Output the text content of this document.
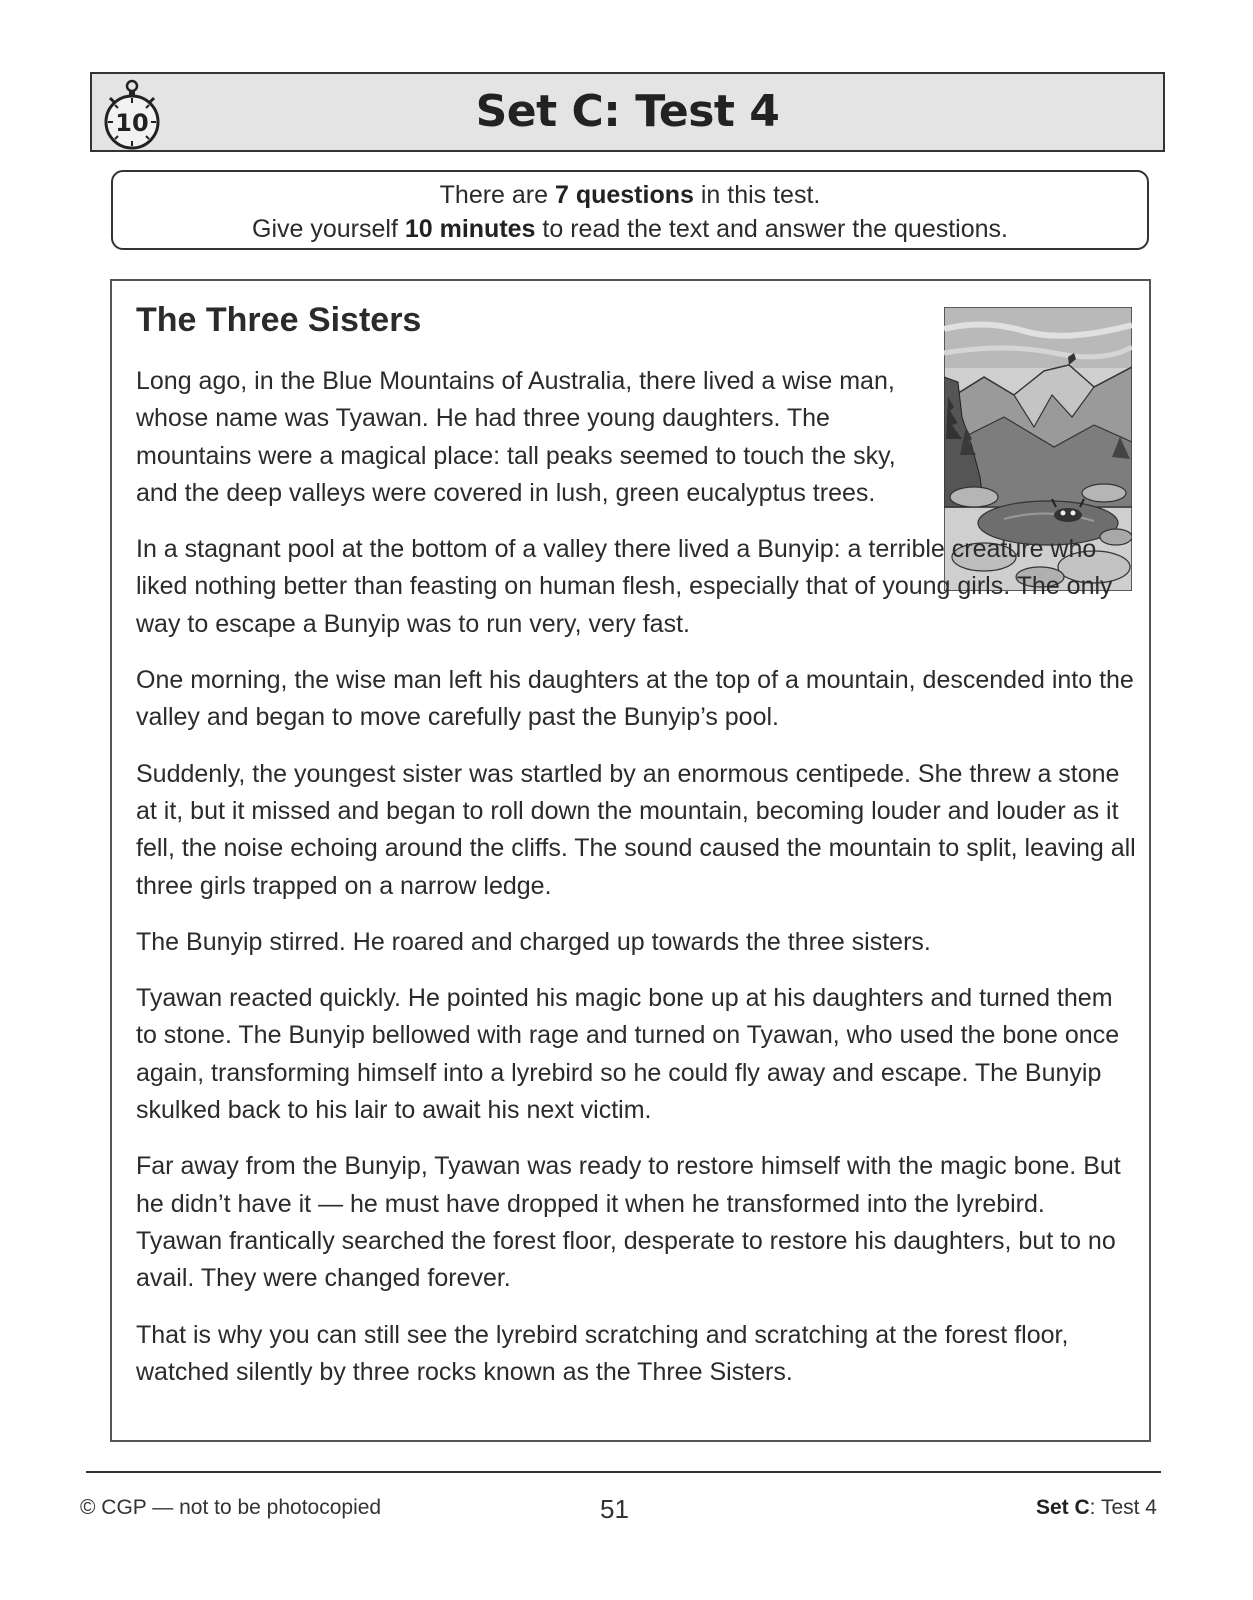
10	Set C: Test 4
There are 7 questions in this test.
Give yourself 10 minutes to read the text and answer the questions.
The Three Sisters

Long ago, in the Blue Mountains of Australia, there lived a wise man, whose name was Tyawan. He had three young daughters. The mountains were a magical place: tall peaks seemed to touch the sky, and the deep valleys were covered in lush, green eucalyptus trees.

In a stagnant pool at the bottom of a valley there lived a Bunyip: a terrible creature who liked nothing better than feasting on human flesh, especially that of young girls. The only way to escape a Bunyip was to run very, very fast.

One morning, the wise man left his daughters at the top of a mountain, descended into the valley and began to move carefully past the Bunyip’s pool.

Suddenly, the youngest sister was startled by an enormous centipede. She threw a stone at it, but it missed and began to roll down the mountain, becoming louder and louder as it fell, the noise echoing around the cliffs. The sound caused the mountain to split, leaving all three girls trapped on a narrow ledge.

The Bunyip stirred. He roared and charged up towards the three sisters.

Tyawan reacted quickly. He pointed his magic bone up at his daughters and turned them to stone. The Bunyip bellowed with rage and turned on Tyawan, who used the bone once again, transforming himself into a lyrebird so he could fly away and escape. The Bunyip skulked back to his lair to await his next victim.

Far away from the Bunyip, Tyawan was ready to restore himself with the magic bone. But he didn’t have it — he must have dropped it when he transformed into the lyrebird. Tyawan frantically searched the forest floor, desperate to restore his daughters, but to no avail. They were changed forever.

That is why you can still see the lyrebird scratching and scratching at the forest floor, watched silently by three rocks known as the Three Sisters.

© CGP — not to be photocopied	51	Set C: Test 4
